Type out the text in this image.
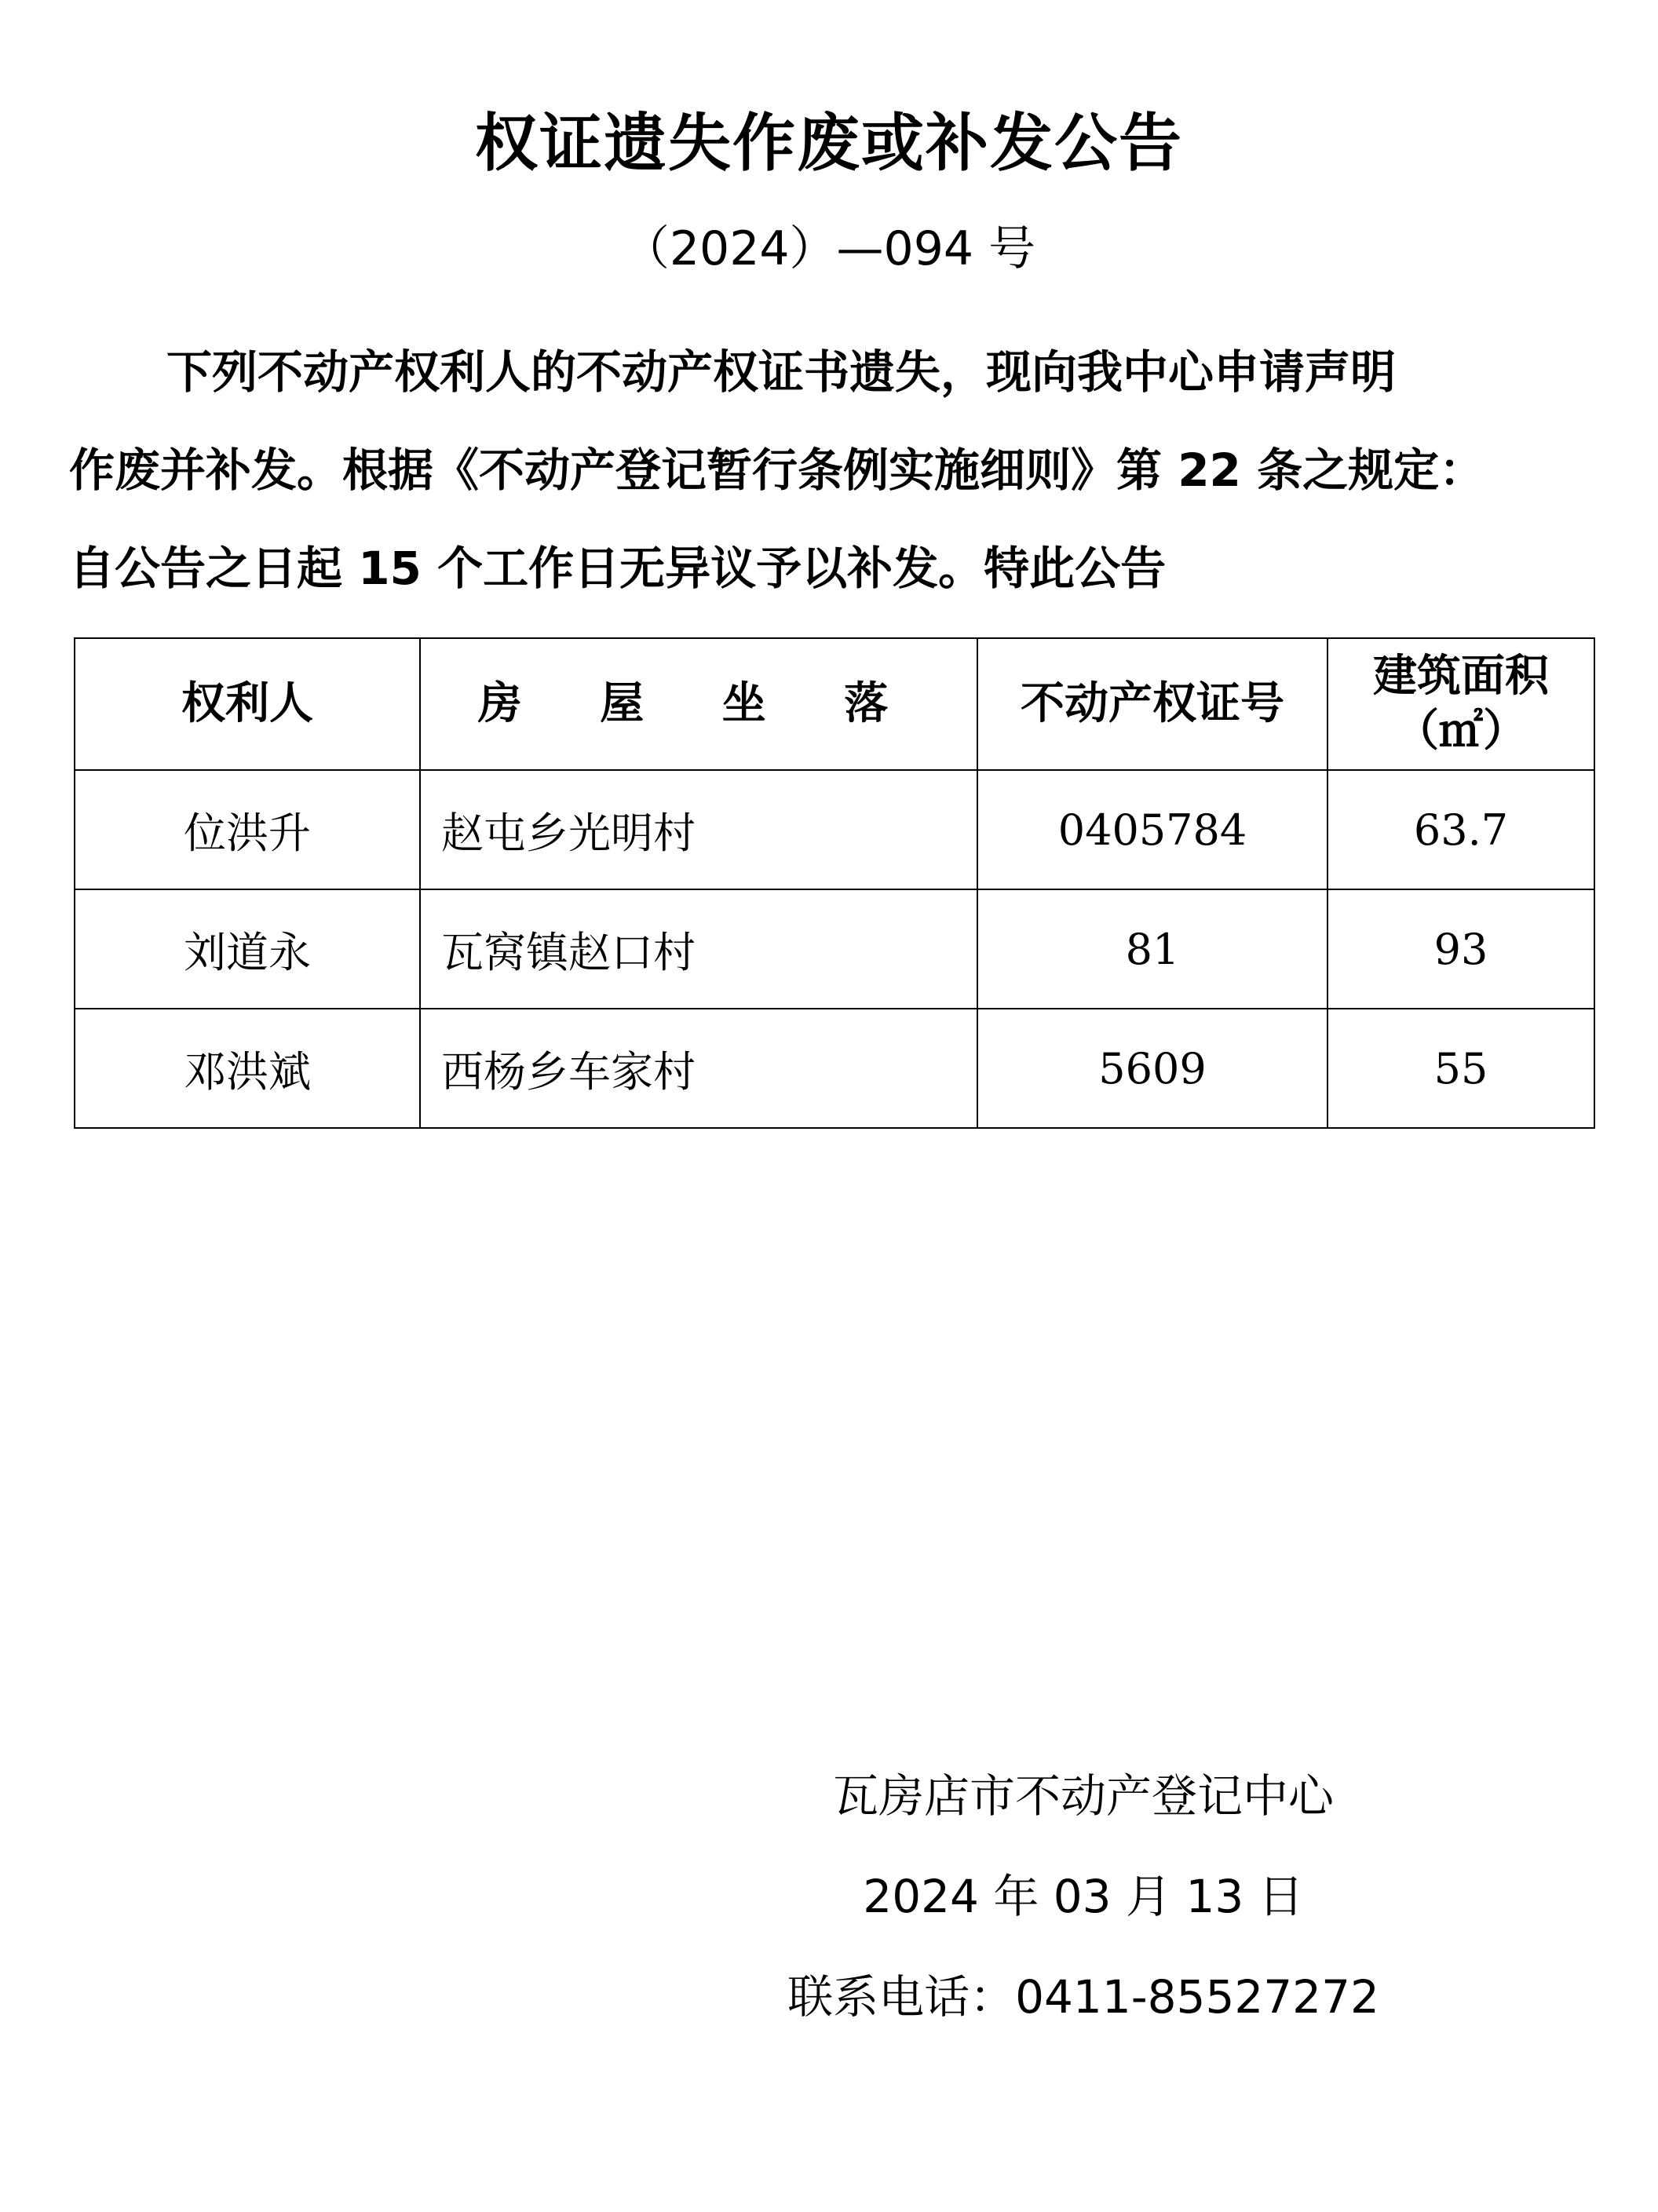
权证遗失作废或补发公告
（2024）—094 号
下列不动产权利人的不动产权证书遗失，现向我中心申请声明
作废并补发。根据《不动产登记暂行条例实施细则》第 22 条之规定：
自公告之日起 15 个工作日无异议予以补发。特此公告
权利人	房 屋 坐 落	不动产权证号	建筑面积
（㎡）

位洪升	赵屯乡光明村	0405784	63.7
刘道永	瓦窝镇赵口村	81	93
邓洪斌	西杨乡车家村	5609	55
瓦房店市不动产登记中心
2024 年 03 月 13 日
联系电话：0411-85527272
